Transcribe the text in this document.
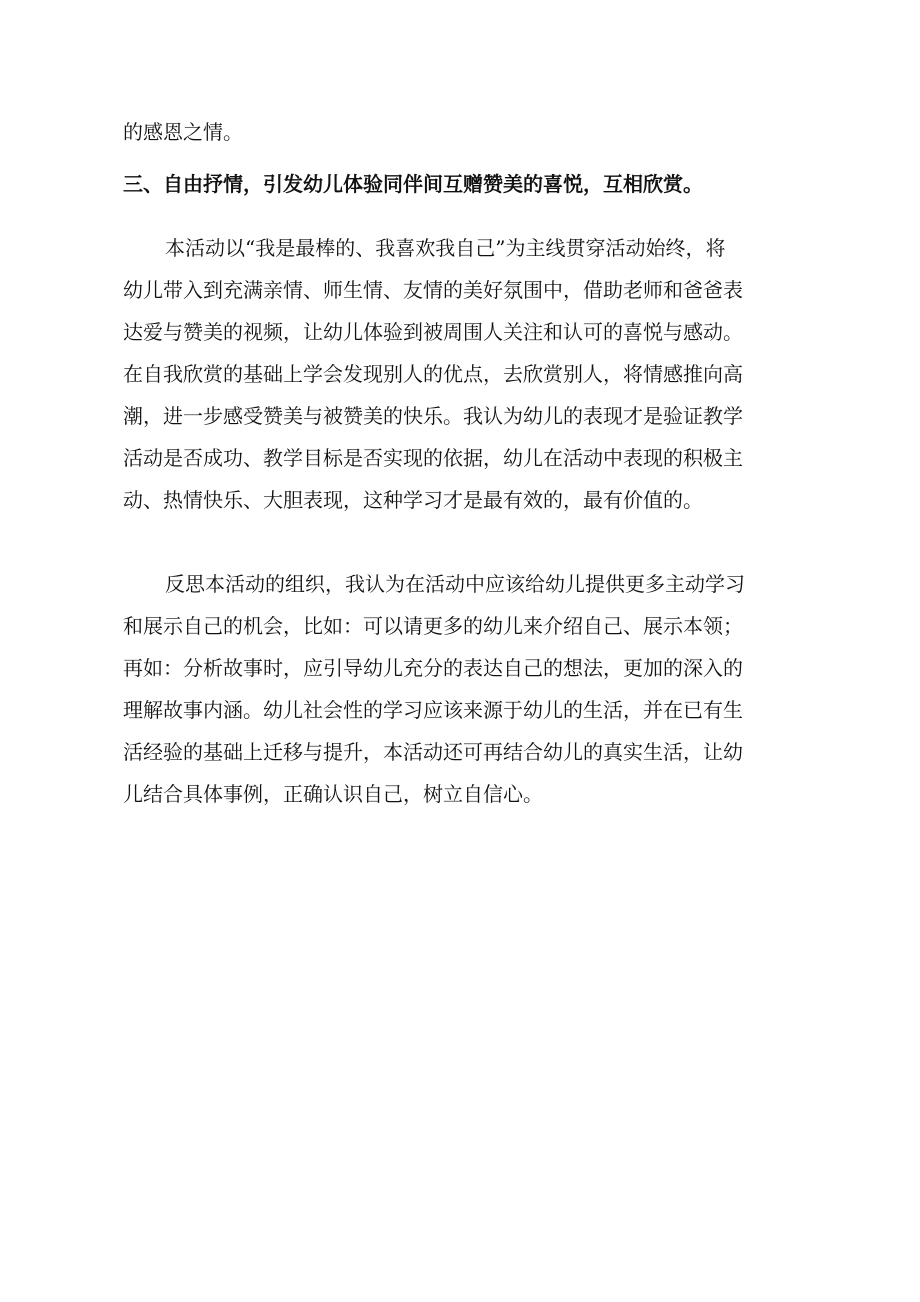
的感恩之情。

三、自由抒情，引发幼儿体验同伴间互赠赞美的喜悦，互相欣赏。

本活动以“我是最棒的、我喜欢我自己”为主线贯穿活动始终，将

幼儿带入到充满亲情、师生情、友情的美好氛围中，借助老师和爸爸表

达爱与赞美的视频，让幼儿体验到被周围人关注和认可的喜悦与感动。

在自我欣赏的基础上学会发现别人的优点，去欣赏别人，将情感推向高

潮，进一步感受赞美与被赞美的快乐。我认为幼儿的表现才是验证教学

活动是否成功、教学目标是否实现的依据，幼儿在活动中表现的积极主

动、热情快乐、大胆表现，这种学习才是最有效的，最有价值的。

反思本活动的组织，我认为在活动中应该给幼儿提供更多主动学习

和展示自己的机会，比如：可以请更多的幼儿来介绍自己、展示本领；

再如：分析故事时，应引导幼儿充分的表达自己的想法，更加的深入的

理解故事内涵。幼儿社会性的学习应该来源于幼儿的生活，并在已有生

活经验的基础上迁移与提升，本活动还可再结合幼儿的真实生活，让幼

儿结合具体事例，正确认识自己，树立自信心。
